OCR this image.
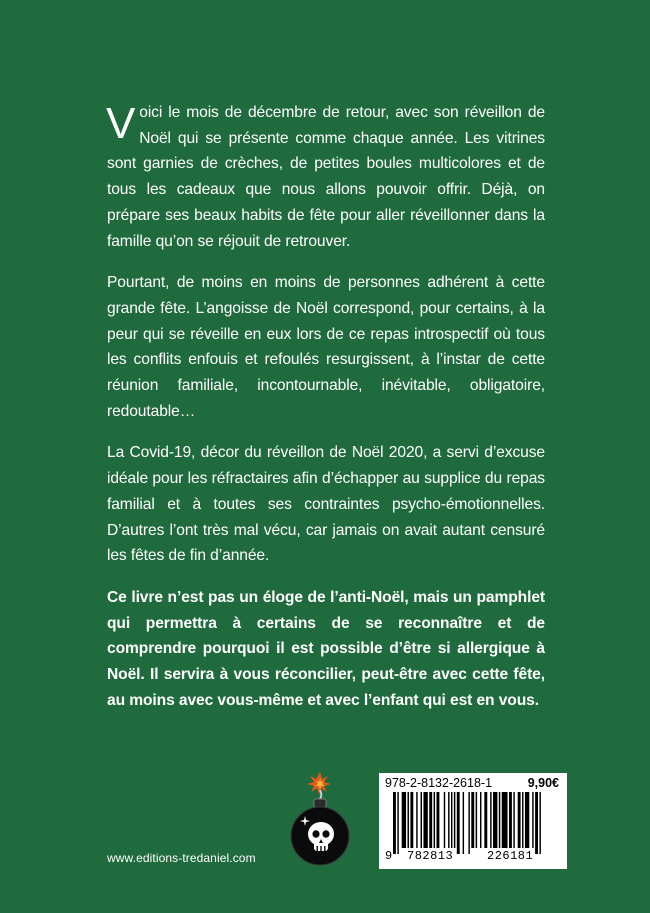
Voici le mois de décembre de retour, avec son réveillon de Noël qui se présente comme chaque année. Les vitrines sont garnies de crèches, de petites boules multicolores et de tous les cadeaux que nous allons pouvoir offrir. Déjà, on prépare ses beaux habits de fête pour aller réveillonner dans la famille qu’on se réjouit de retrouver.

Pourtant, de moins en moins de personnes adhérent à cette grande fête. L’angoisse de Noël correspond, pour certains, à la peur qui se réveille en eux lors de ce repas introspectif où tous les conflits enfouis et refoulés resurgissent, à l’instar de cette réunion familiale, incontournable, inévitable, obligatoire, redoutable…

La Covid-19, décor du réveillon de Noël 2020, a servi d’excuse idéale pour les réfractaires afin d’échapper au supplice du repas familial et à toutes ses contraintes psycho-émotionnelles. D’autres l’ont très mal vécu, car jamais on avait autant censuré les fêtes de fin d’année.

Ce livre n’est pas un éloge de l’anti-Noël, mais un pamphlet qui permettra à certains de se reconnaître et de comprendre pourquoi il est possible d’être si allergique à Noël. Il servira à vous réconcilier, peut-être avec cette fête, au moins avec vous-même et avec l’enfant qui est en vous.

www.editions-tredaniel.com
978-2-8132-2618-1	9,90€
9 782813	226181
